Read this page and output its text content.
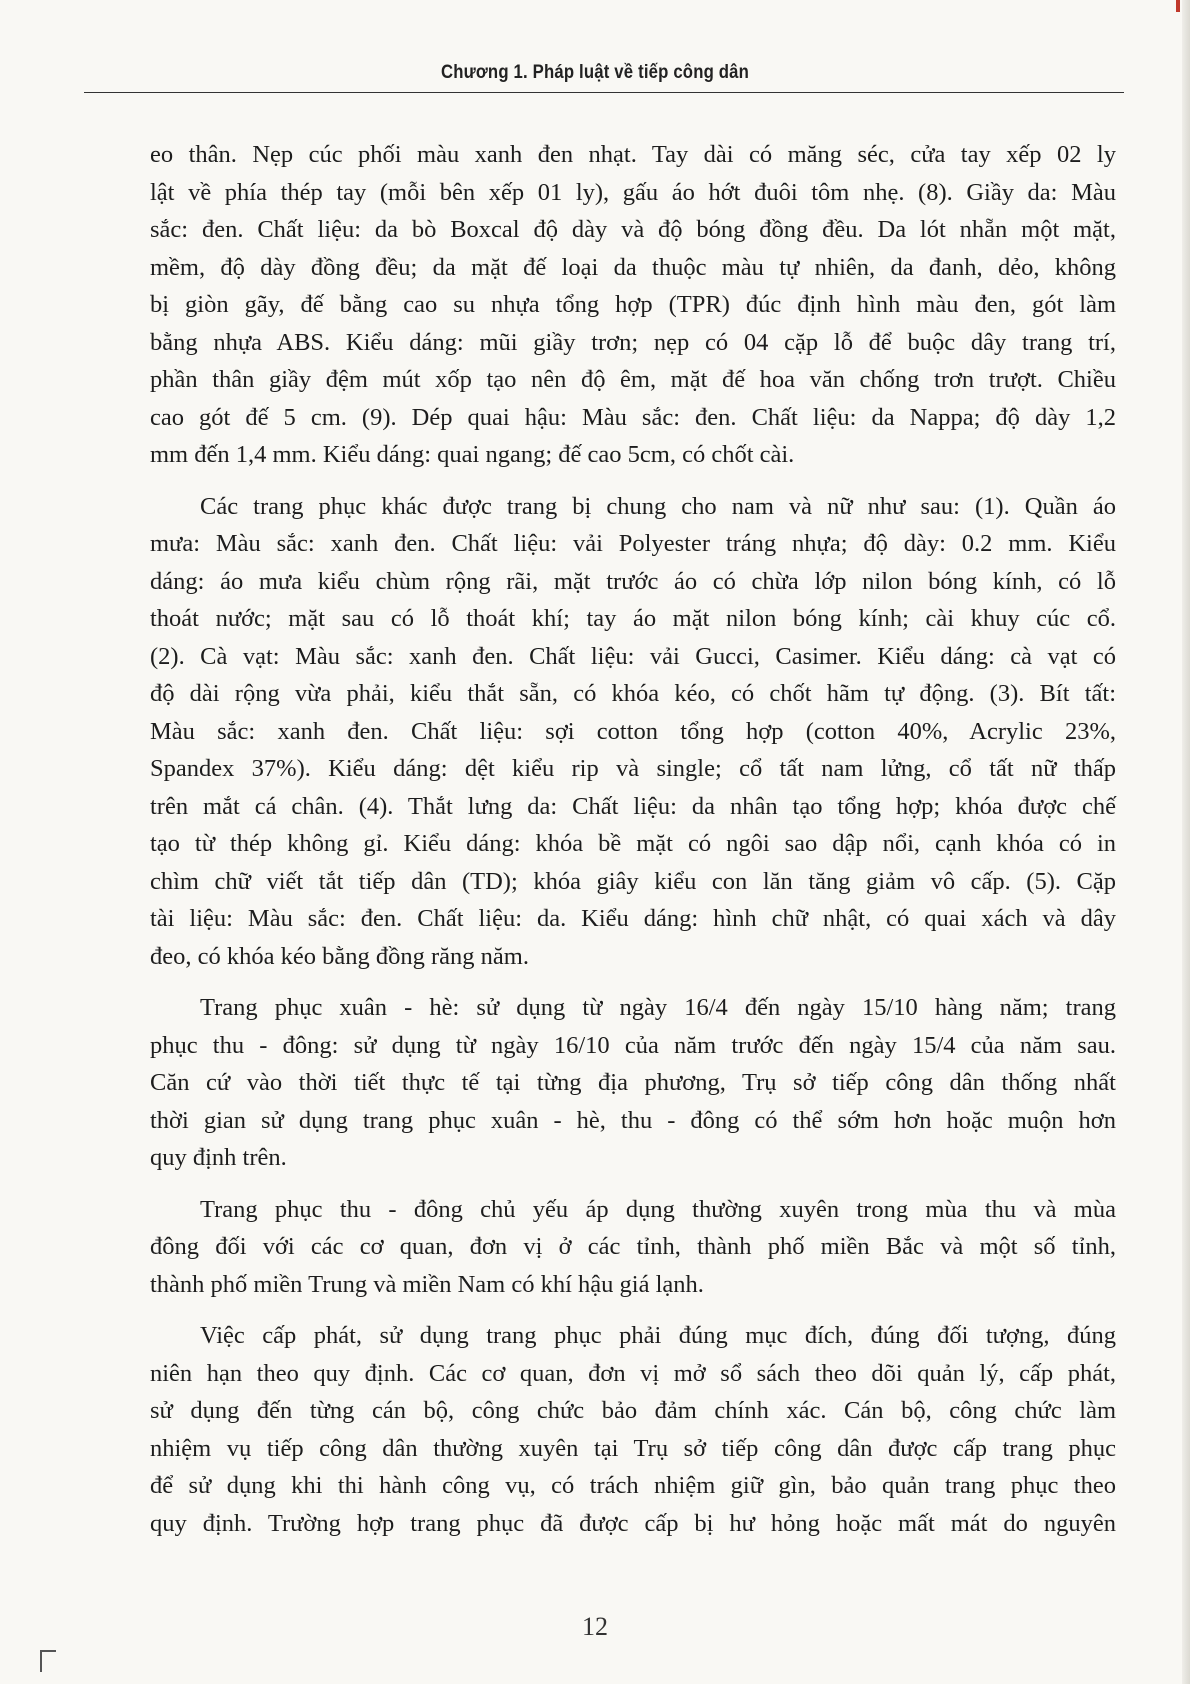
Chương 1. Pháp luật về tiếp công dân
eo thân. Nẹp cúc phối màu xanh đen nhạt. Tay dài có măng séc, cửa tay xếp 02 ly
lật về phía thép tay (mỗi bên xếp 01 ly), gấu áo hớt đuôi tôm nhẹ. (8). Giầy da: Màu
sắc: đen. Chất liệu: da bò Boxcal độ dày và độ bóng đồng đều. Da lót nhẵn một mặt,
mềm, độ dày đồng đều; da mặt đế loại da thuộc màu tự nhiên, da đanh, dẻo, không
bị giòn gãy, đế bằng cao su nhựa tổng hợp (TPR) đúc định hình màu đen, gót làm
bằng nhựa ABS. Kiểu dáng: mũi giầy trơn; nẹp có 04 cặp lỗ để buộc dây trang trí,
phần thân giầy đệm mút xốp tạo nên độ êm, mặt đế hoa văn chống trơn trượt. Chiều
cao gót đế 5 cm. (9). Dép quai hậu: Màu sắc: đen. Chất liệu: da Nappa; độ dày 1,2
mm đến 1,4 mm. Kiểu dáng: quai ngang; đế cao 5cm, có chốt cài.
Các trang phục khác được trang bị chung cho nam và nữ như sau: (1). Quần áo
mưa: Màu sắc: xanh đen. Chất liệu: vải Polyester tráng nhựa; độ dày: 0.2 mm. Kiểu
dáng: áo mưa kiểu chùm rộng rãi, mặt trước áo có chừa lớp nilon bóng kính, có lỗ
thoát nước; mặt sau có lỗ thoát khí; tay áo mặt nilon bóng kính; cài khuy cúc cổ.
(2). Cà vạt: Màu sắc: xanh đen. Chất liệu: vải Gucci, Casimer. Kiểu dáng: cà vạt có
độ dài rộng vừa phải, kiểu thắt sẵn, có khóa kéo, có chốt hãm tự động. (3). Bít tất:
Màu sắc: xanh đen. Chất liệu: sợi cotton tổng hợp (cotton 40%, Acrylic 23%,
Spandex 37%). Kiểu dáng: dệt kiểu rip và single; cổ tất nam lửng, cổ tất nữ thấp
trên mắt cá chân. (4). Thắt lưng da: Chất liệu: da nhân tạo tổng hợp; khóa được chế
tạo từ thép không gỉ. Kiểu dáng: khóa bề mặt có ngôi sao dập nổi, cạnh khóa có in
chìm chữ viết tắt tiếp dân (TD); khóa giây kiểu con lăn tăng giảm vô cấp. (5). Cặp
tài liệu: Màu sắc: đen. Chất liệu: da. Kiểu dáng: hình chữ nhật, có quai xách và dây
đeo, có khóa kéo bằng đồng răng năm.
Trang phục xuân - hè: sử dụng từ ngày 16/4 đến ngày 15/10 hàng năm; trang
phục thu - đông: sử dụng từ ngày 16/10 của năm trước đến ngày 15/4 của năm sau.
Căn cứ vào thời tiết thực tế tại từng địa phương, Trụ sở tiếp công dân thống nhất
thời gian sử dụng trang phục xuân - hè, thu - đông có thể sớm hơn hoặc muộn hơn
quy định trên.
Trang phục thu - đông chủ yếu áp dụng thường xuyên trong mùa thu và mùa
đông đối với các cơ quan, đơn vị ở các tỉnh, thành phố miền Bắc và một số tỉnh,
thành phố miền Trung và miền Nam có khí hậu giá lạnh.
Việc cấp phát, sử dụng trang phục phải đúng mục đích, đúng đối tượng, đúng
niên hạn theo quy định. Các cơ quan, đơn vị mở sổ sách theo dõi quản lý, cấp phát,
sử dụng đến từng cán bộ, công chức bảo đảm chính xác. Cán bộ, công chức làm
nhiệm vụ tiếp công dân thường xuyên tại Trụ sở tiếp công dân được cấp trang phục
để sử dụng khi thi hành công vụ, có trách nhiệm giữ gìn, bảo quản trang phục theo
quy định. Trường hợp trang phục đã được cấp bị hư hỏng hoặc mất mát do nguyên
12
